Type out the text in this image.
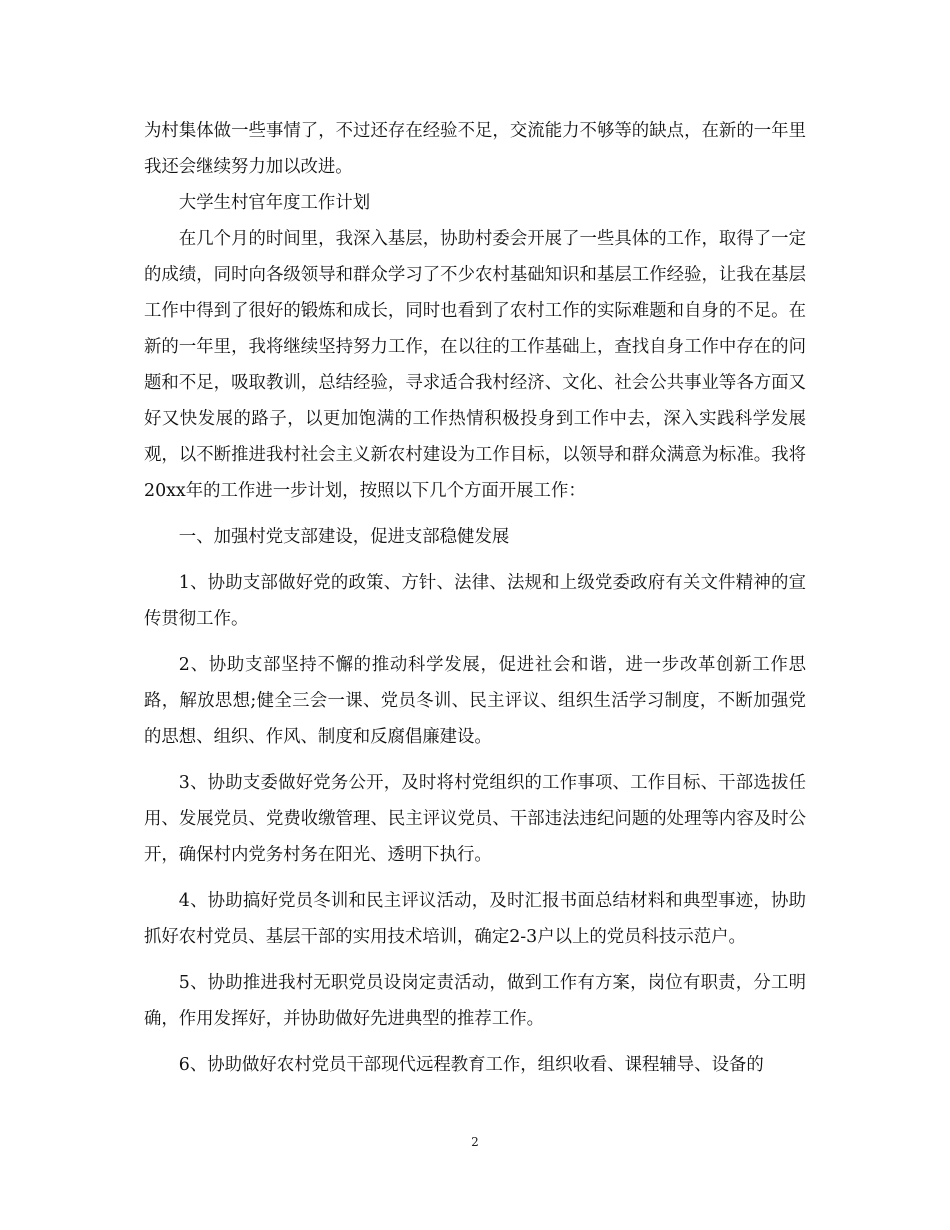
为村集体做一些事情了，不过还存在经验不足，交流能力不够等的缺点，在新的一年里我还会继续努力加以改进。

大学生村官年度工作计划

在几个月的时间里，我深入基层，协助村委会开展了一些具体的工作，取得了一定的成绩，同时向各级领导和群众学习了不少农村基础知识和基层工作经验，让我在基层工作中得到了很好的锻炼和成长，同时也看到了农村工作的实际难题和自身的不足。在新的一年里，我将继续坚持努力工作，在以往的工作基础上，查找自身工作中存在的问题和不足，吸取教训，总结经验，寻求适合我村经济、文化、社会公共事业等各方面又好又快发展的路子，以更加饱满的工作热情积极投身到工作中去，深入实践科学发展观，以不断推进我村社会主义新农村建设为工作目标，以领导和群众满意为标准。我将20xx年的工作进一步计划，按照以下几个方面开展工作：

一、加强村党支部建设，促进支部稳健发展

1、协助支部做好党的政策、方针、法律、法规和上级党委政府有关文件精神的宣传贯彻工作。

2、协助支部坚持不懈的推动科学发展，促进社会和谐，进一步改革创新工作思路，解放思想;健全三会一课、党员冬训、民主评议、组织生活学习制度，不断加强党的思想、组织、作风、制度和反腐倡廉建设。

3、协助支委做好党务公开，及时将村党组织的工作事项、工作目标、干部选拔任用、发展党员、党费收缴管理、民主评议党员、干部违法违纪问题的处理等内容及时公开，确保村内党务村务在阳光、透明下执行。

4、协助搞好党员冬训和民主评议活动，及时汇报书面总结材料和典型事迹，协助抓好农村党员、基层干部的实用技术培训，确定2-3户以上的党员科技示范户。

5、协助推进我村无职党员设岗定责活动，做到工作有方案，岗位有职责，分工明确，作用发挥好，并协助做好先进典型的推荐工作。

6、协助做好农村党员干部现代远程教育工作，组织收看、课程辅导、设备的

2
